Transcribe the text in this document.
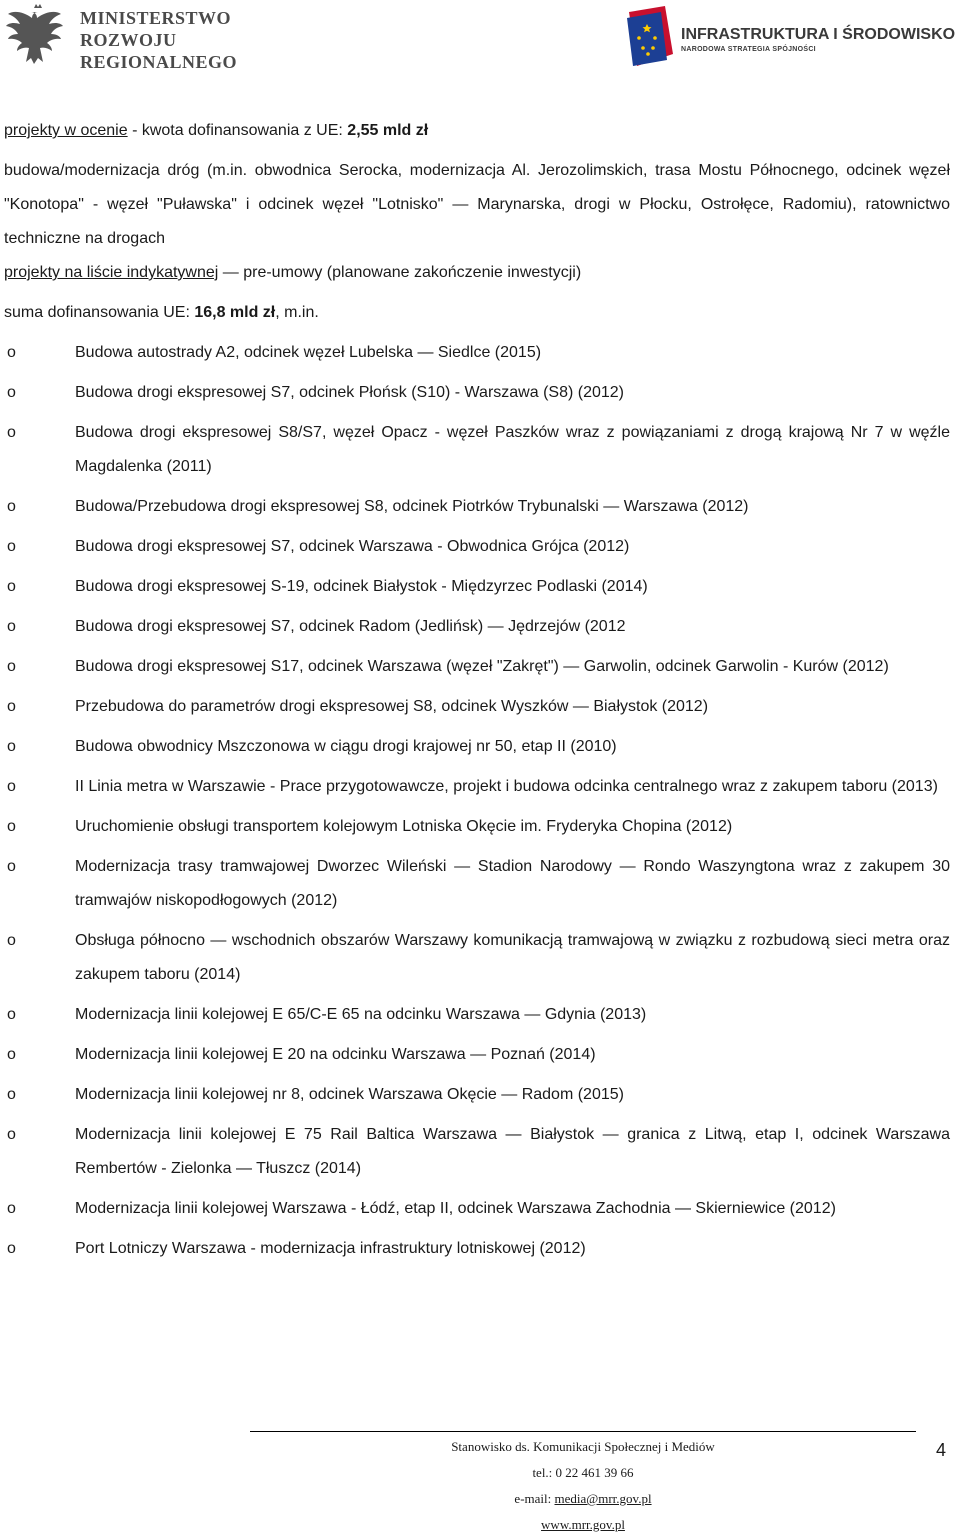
MINISTERSTWO
ROZWOJU
REGIONALNEGO
INFRASTRUKTURA I ŚRODOWISKO
NARODOWA STRATEGIA SPÓJNOŚCI

projekty w ocenie - kwota dofinansowania z UE: 2,55 mld zł

budowa/modernizacja dróg (m.in. obwodnica Serocka, modernizacja Al. Jerozolimskich, trasa Mostu Północnego, odcinek węzeł "Konotopa" - węzeł "Puławska" i odcinek węzeł "Lotnisko" — Marynarska, drogi w Płocku, Ostrołęce, Radomiu), ratownictwo techniczne na drogach

projekty na liście indykatywnej — pre-umowy (planowane zakończenie inwestycji)

suma dofinansowania UE: 16,8 mld zł, m.in.

o	Budowa autostrady A2, odcinek węzeł Lubelska — Siedlce (2015)
o	Budowa drogi ekspresowej S7, odcinek Płońsk (S10) - Warszawa (S8) (2012)
o	Budowa drogi ekspresowej S8/S7, węzeł Opacz - węzeł Paszków wraz z powiązaniami z drogą krajową Nr 7 w węźle Magdalenka (2011)
o	Budowa/Przebudowa drogi ekspresowej S8, odcinek Piotrków Trybunalski — Warszawa (2012)
o	Budowa drogi ekspresowej S7, odcinek Warszawa - Obwodnica Grójca (2012)
o	Budowa drogi ekspresowej S-19, odcinek Białystok - Międzyrzec Podlaski (2014)
o	Budowa drogi ekspresowej S7, odcinek Radom (Jedlińsk) — Jędrzejów (2012
o	Budowa drogi ekspresowej S17, odcinek Warszawa (węzeł "Zakręt") — Garwolin, odcinek Garwolin - Kurów (2012)
o	Przebudowa do parametrów drogi ekspresowej S8, odcinek Wyszków — Białystok (2012)
o	Budowa obwodnicy Mszczonowa w ciągu drogi krajowej nr 50, etap II (2010)
o	II Linia metra w Warszawie - Prace przygotowawcze, projekt i budowa odcinka centralnego wraz z zakupem taboru (2013)
o	Uruchomienie obsługi transportem kolejowym Lotniska Okęcie im. Fryderyka Chopina (2012)
o	Modernizacja trasy tramwajowej Dworzec Wileński — Stadion Narodowy — Rondo Waszyngtona wraz z zakupem 30 tramwajów niskopodłogowych (2012)
o	Obsługa północno — wschodnich obszarów Warszawy komunikacją tramwajową w związku z rozbudową sieci metra oraz zakupem taboru (2014)
o	Modernizacja linii kolejowej E 65/C-E 65 na odcinku Warszawa — Gdynia (2013)
o	Modernizacja linii kolejowej E 20 na odcinku Warszawa — Poznań (2014)
o	Modernizacja linii kolejowej nr 8, odcinek Warszawa Okęcie — Radom (2015)
o	Modernizacja linii kolejowej E 75 Rail Baltica Warszawa — Białystok — granica z Litwą, etap I, odcinek Warszawa Rembertów - Zielonka — Tłuszcz (2014)
o	Modernizacja linii kolejowej Warszawa - Łódź, etap II, odcinek Warszawa Zachodnia — Skierniewice (2012)
o	Port Lotniczy Warszawa - modernizacja infrastruktury lotniskowej (2012)
Stanowisko ds. Komunikacji Społecznej i Mediów
tel.: 0 22 461 39 66
e-mail: media@mrr.gov.pl
www.mrr.gov.pl
4
